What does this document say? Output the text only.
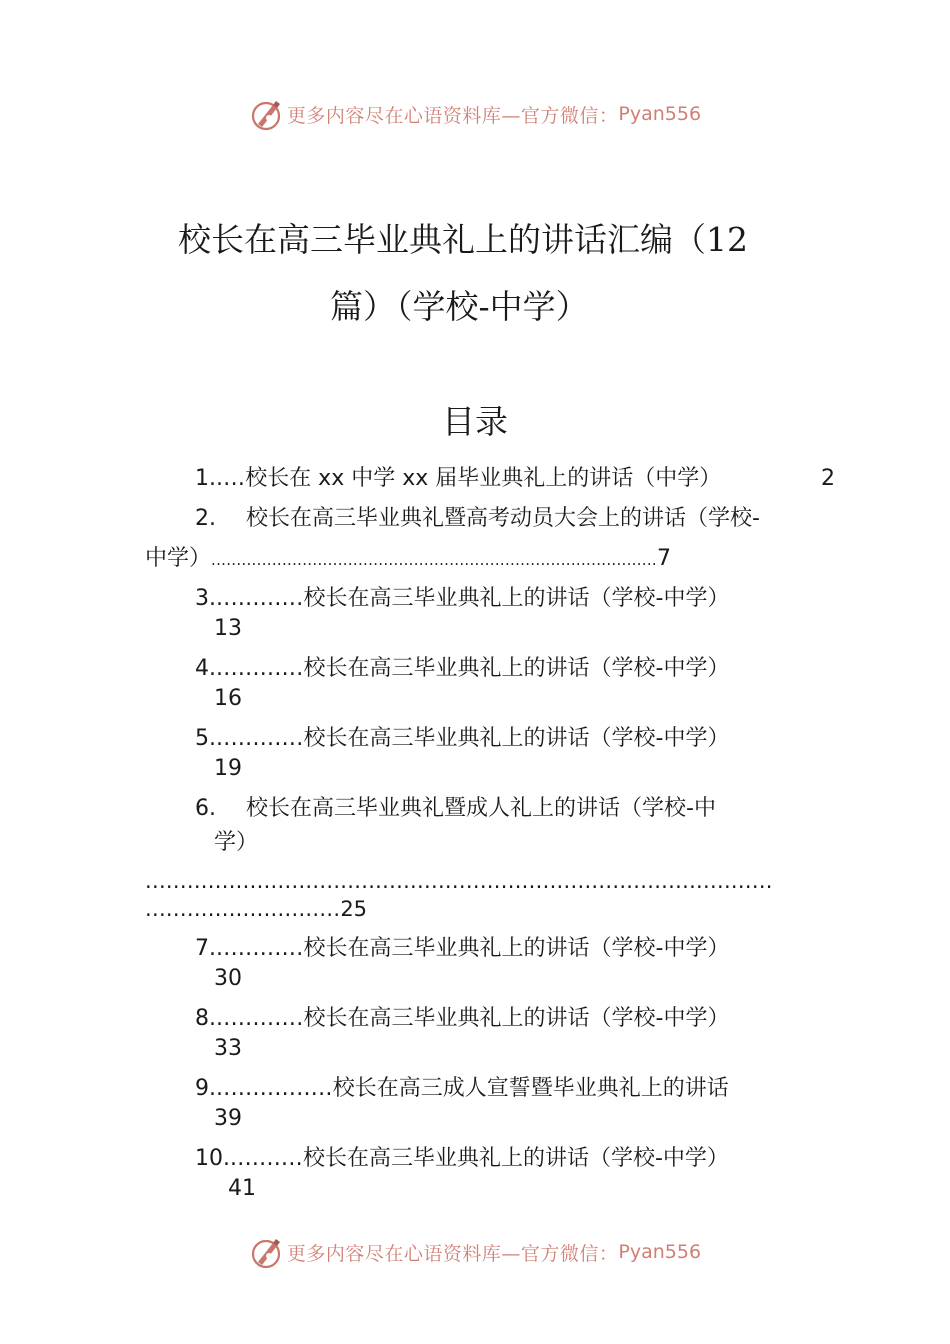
更多内容尽在心语资料库—官方微信： Pyan556
校长在高三毕业典礼上的讲话汇编（12
篇）（学校-中学）
目录
1.....校长在 xx 中学 xx 届毕业典礼上的讲话（中学）	2
2. 校长在高三毕业典礼暨高考动员大会上的讲话（学校-
中学）........................................................................................7
3.............校长在高三毕业典礼上的讲话（学校-中学）
13
4.............校长在高三毕业典礼上的讲话（学校-中学）
16
5.............校长在高三毕业典礼上的讲话（学校-中学）
19
6. 校长在高三毕业典礼暨成人礼上的讲话（学校-中
学）
..........................................................................................
............................25
7.............校长在高三毕业典礼上的讲话（学校-中学）
30
8.............校长在高三毕业典礼上的讲话（学校-中学）
33
9.................校长在高三成人宣誓暨毕业典礼上的讲话
39
10...........校长在高三毕业典礼上的讲话（学校-中学）
41
更多内容尽在心语资料库—官方微信： Pyan556
